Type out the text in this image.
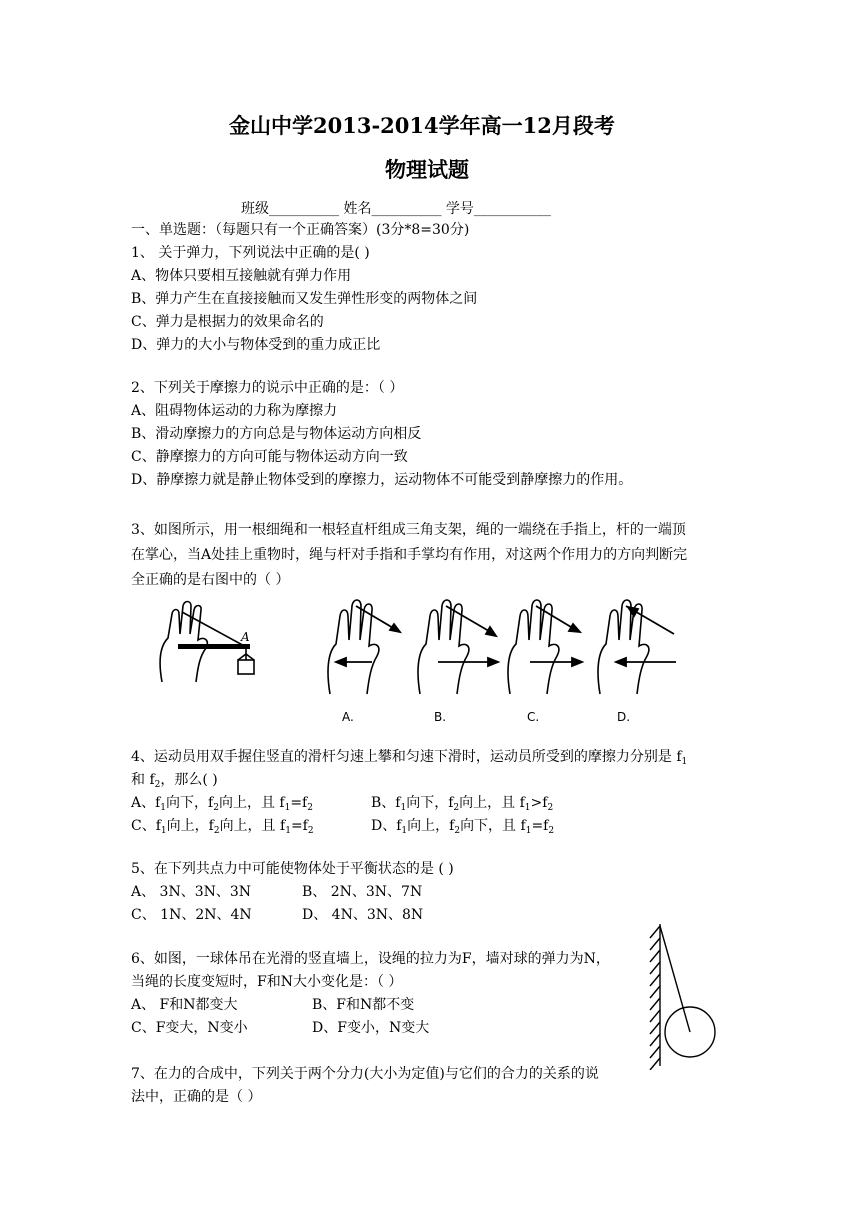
金山中学2013-2014学年高一12月段考
物理试题
班级__________ 姓名__________ 学号___________
一、单选题：（每题只有一个正确答案）(3分*8=30分)
1、 关于弹力，下列说法中正确的是( )
A、物体只要相互接触就有弹力作用
B、弹力产生在直接接触而又发生弹性形变的两物体之间
C、弹力是根据力的效果命名的
D、弹力的大小与物体受到的重力成正比
2、下列关于摩擦力的说示中正确的是：（ ）
A、阻碍物体运动的力称为摩擦力
B、滑动摩擦力的方向总是与物体运动方向相反
C、静摩擦力的方向可能与物体运动方向一致
D、静摩擦力就是静止物体受到的摩擦力，运动物体不可能受到静摩擦力的作用。
3、如图所示，用一根细绳和一根轻直杆组成三角支架，绳的一端绕在手指上，杆的一端顶
在掌心，当A处挂上重物时，绳与杆对手指和手掌均有作用，对这两个作用力的方向判断完
全正确的是右图中的（ ）
A
A.	B.	C.	D.
4、运动员用双手握住竖直的滑杆匀速上攀和匀速下滑时，运动员所受到的摩擦力分别是 $f_1$
和 $f_2$，那么( )
A、$f_1$向下，$f_2$向上，且 $f_1=f_2$	B、$f_1$向下，$f_2$向上，且 $f_1>f_2$
C、$f_1$向上，$f_2$向上，且 $f_1=f_2$	D、$f_1$向上，$f_2$向下，且 $f_1=f_2$
5、在下列共点力中可能使物体处于平衡状态的是 ( )
A、 3N、3N、3N	B、 2N、3N、7N
C、 1N、2N、4N	D、 4N、3N、8N
6、如图，一球体吊在光滑的竖直墙上，设绳的拉力为F，墙对球的弹力为N，
当绳的长度变短时，F和N大小变化是：（ ）
A、 F和N都变大	B、F和N都不变
C、F变大，N变小	D、F变小，N变大
7、在力的合成中，下列关于两个分力(大小为定值)与它们的合力的关系的说
法中，正确的是（ ）
